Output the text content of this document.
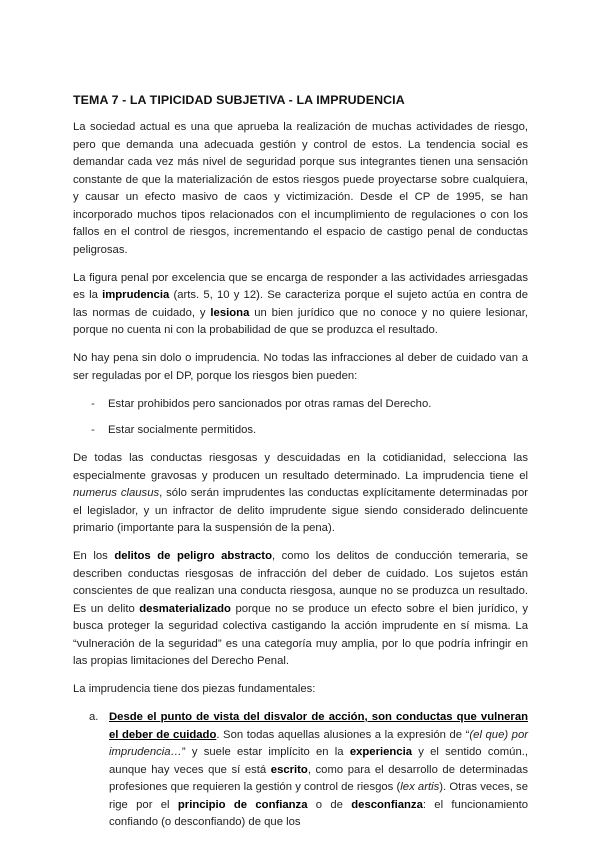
TEMA 7 - LA TIPICIDAD SUBJETIVA - LA IMPRUDENCIA

La sociedad actual es una que aprueba la realización de muchas actividades de riesgo, pero que demanda una adecuada gestión y control de estos. La tendencia social es demandar cada vez más nivel de seguridad porque sus integrantes tienen una sensación constante de que la materialización de estos riesgos puede proyectarse sobre cualquiera, y causar un efecto masivo de caos y victimización. Desde el CP de 1995, se han incorporado muchos tipos relacionados con el incumplimiento de regulaciones o con los fallos en el control de riesgos, incrementando el espacio de castigo penal de conductas peligrosas.

La figura penal por excelencia que se encarga de responder a las actividades arriesgadas es la imprudencia (arts. 5, 10 y 12). Se caracteriza porque el sujeto actúa en contra de las normas de cuidado, y lesiona un bien jurídico que no conoce y no quiere lesionar, porque no cuenta ni con la probabilidad de que se produzca el resultado.

No hay pena sin dolo o imprudencia. No todas las infracciones al deber de cuidado van a ser reguladas por el DP, porque los riesgos bien pueden:

- Estar prohibidos pero sancionados por otras ramas del Derecho.
- Estar socialmente permitidos.

De todas las conductas riesgosas y descuidadas en la cotidianidad, selecciona las especialmente gravosas y producen un resultado determinado. La imprudencia tiene el numerus clausus, sólo serán imprudentes las conductas explícitamente determinadas por el legislador, y un infractor de delito imprudente sigue siendo considerado delincuente primario (importante para la suspensión de la pena).

En los delitos de peligro abstracto, como los delitos de conducción temeraria, se describen conductas riesgosas de infracción del deber de cuidado. Los sujetos están conscientes de que realizan una conducta riesgosa, aunque no se produzca un resultado. Es un delito desmaterializado porque no se produce un efecto sobre el bien jurídico, y busca proteger la seguridad colectiva castigando la acción imprudente en sí misma. La “vulneración de la seguridad” es una categoría muy amplia, por lo que podría infringir en las propias limitaciones del Derecho Penal.

La imprudencia tiene dos piezas fundamentales:

a. Desde el punto de vista del disvalor de acción, son conductas que vulneran el deber de cuidado. Son todas aquellas alusiones a la expresión de “(el que) por imprudencia…” y suele estar implícito en la experiencia y el sentido común., aunque hay veces que sí está escrito, como para el desarrollo de determinadas profesiones que requieren la gestión y control de riesgos (lex artis). Otras veces, se rige por el principio de confianza o de desconfianza: el funcionamiento confiando (o desconfiando) de que los
